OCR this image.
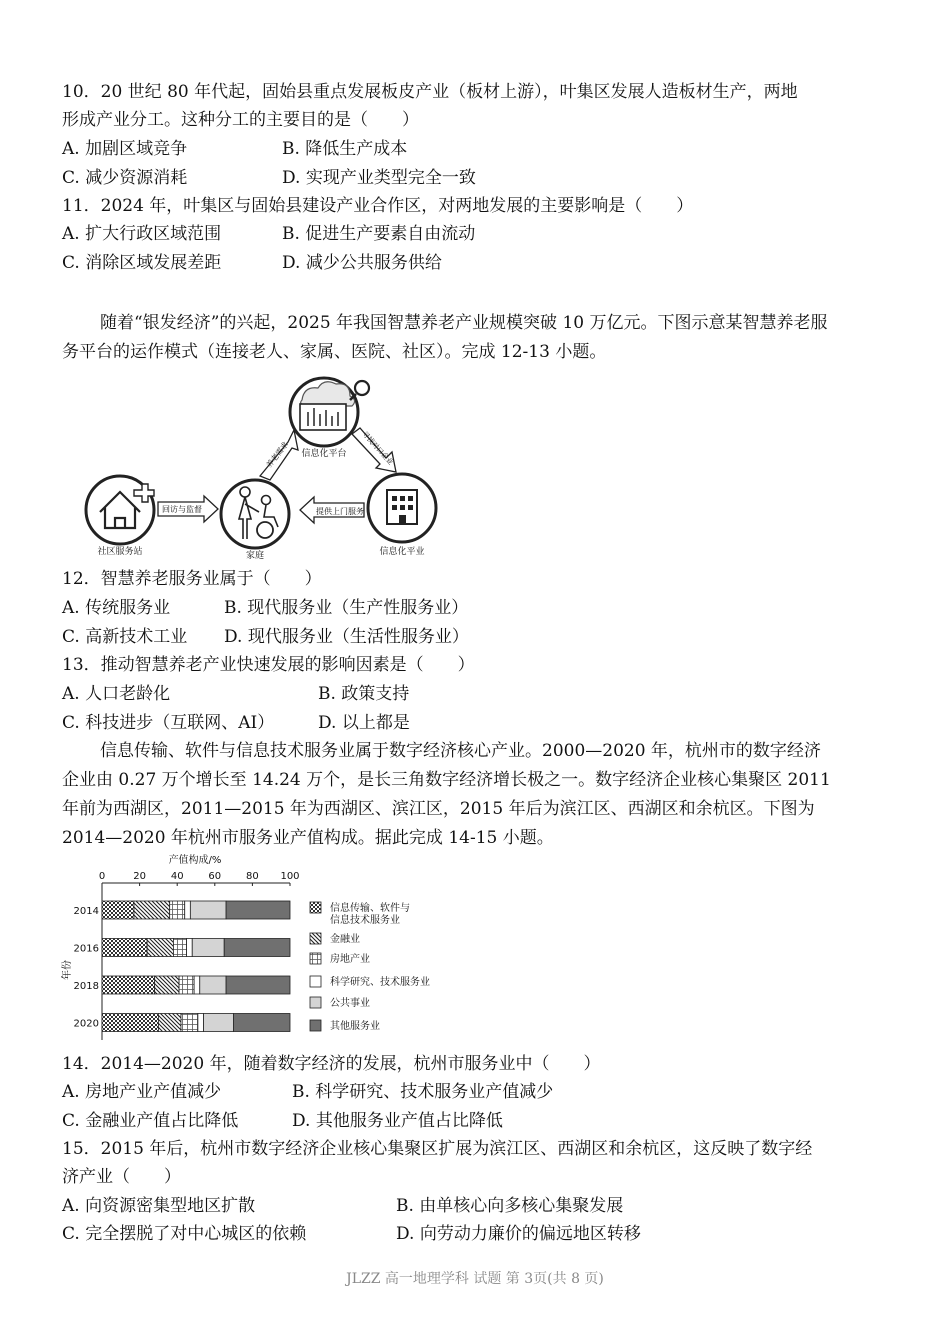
10．20 世纪 80 年代起，固始县重点发展板皮产业（板材上游），叶集区发展人造板材生产，两地
形成产业分工。这种分工的主要目的是（　　）
A. 加剧区域竞争	B. 降低生产成本
C. 减少资源消耗	D. 实现产业类型完全一致
11．2024 年，叶集区与固始县建设产业合作区，对两地发展的主要影响是（　　）
A. 扩大行政区域范围	B. 促进生产要素自由流动
C. 消除区域发展差距	D. 减少公共服务供给
随着“银发经济”的兴起，2025 年我国智慧养老产业规模突破 10 万亿元。下图示意某智慧养老服
务平台的运作模式（连接老人、家属、医院、社区）。完成 12-13 小题。
信息化平台
社区服务站	家庭	信息化平业
养老需求	寻找对口企业
回访与监督	提供上门服务
12．智慧养老服务业属于（　　）
A. 传统服务业	B. 现代服务业（生产性服务业）
C. 高新技术工业 D. 现代服务业（生活性服务业）
13．推动智慧养老产业快速发展的影响因素是（　　）
A. 人口老龄化	B. 政策支持
C. 科技进步（互联网、AI）	D. 以上都是
信息传输、软件与信息技术服务业属于数字经济核心产业。2000—2020 年，杭州市的数字经济
企业由 0.27 万个增长至 14.24 万个，是长三角数字经济增长极之一。数字经济企业核心集聚区 2011
年前为西湖区，2011—2015 年为西湖区、滨江区，2015 年后为滨江区、西湖区和余杭区。下图为
2014—2020 年杭州市服务业产值构成。据此完成 14-15 小题。
产值构成/%
0	20 40 60 80 100
年份
2014
2016
2018
2020
信息传输、软件与
信息技术服务业
金融业
房地产业
科学研究、技术服务业
公共事业
其他服务业
14．2014—2020 年，随着数字经济的发展，杭州市服务业中（　　）
A. 房地产业产值减少	B. 科学研究、技术服务业产值减少
C. 金融业产值占比降低	D. 其他服务业产值占比降低
15．2015 年后，杭州市数字经济企业核心集聚区扩展为滨江区、西湖区和余杭区，这反映了数字经
济产业（　　）
A. 向资源密集型地区扩散	B. 由单核心向多核心集聚发展
C. 完全摆脱了对中心城区的依赖	D. 向劳动力廉价的偏远地区转移
JLZZ 高一地理学科 试题 第 3页(共 8 页)
